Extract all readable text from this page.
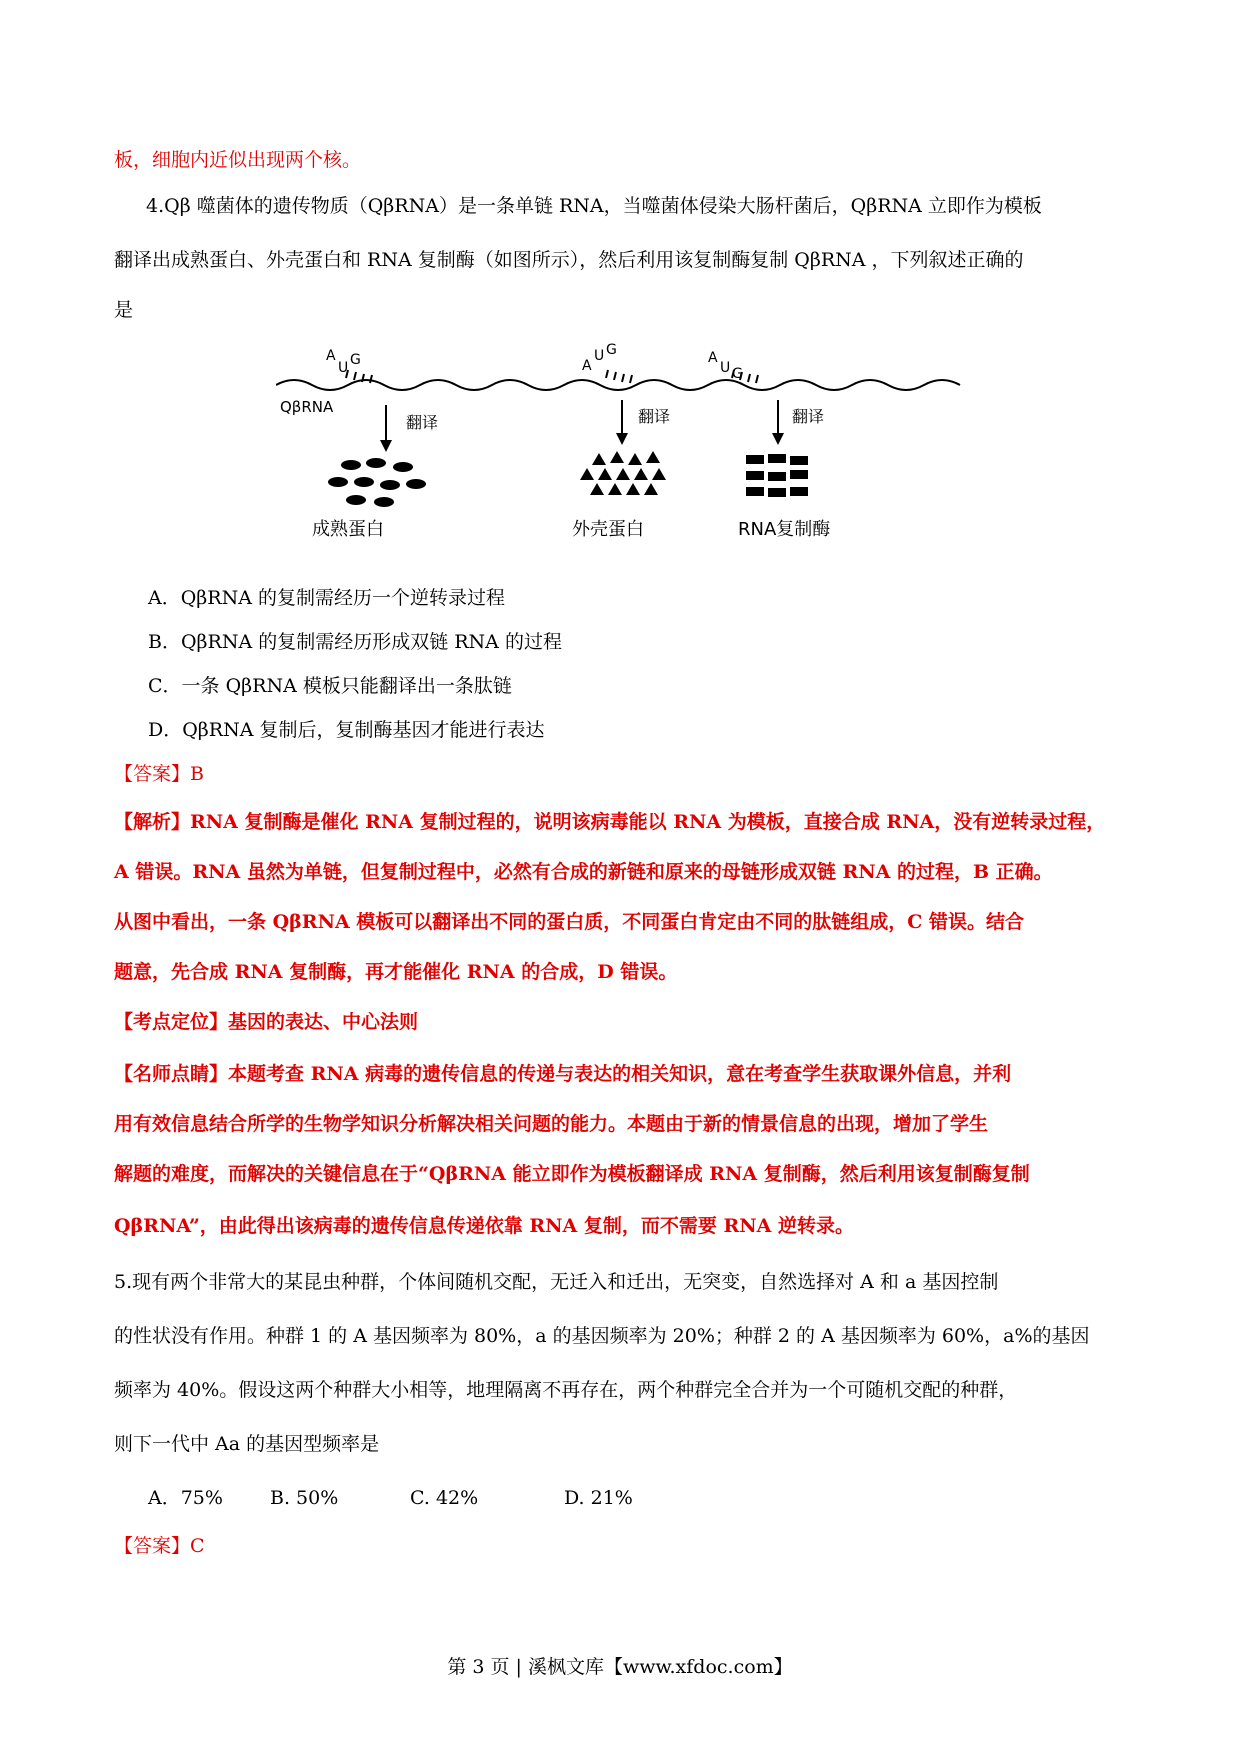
板，细胞内近似出现两个核。
4.Qβ 噬菌体的遗传物质（QβRNA）是一条单链 RNA，当噬菌体侵染大肠杆菌后，QβRNA 立即作为模板
翻译出成熟蛋白、外壳蛋白和 RNA 复制酶（如图所示），然后利用该复制酶复制 QβRNA ，下列叙述正确的
是
A
U G	A
U G	A
U G
QβRNA
翻译	翻译	翻译
成熟蛋白	外壳蛋白	RNA复制酶
A．QβRNA 的复制需经历一个逆转录过程
B．QβRNA 的复制需经历形成双链 RNA 的过程
C．一条 QβRNA 模板只能翻译出一条肽链
D．QβRNA 复制后，复制酶基因才能进行表达
【答案】B
【解析】RNA 复制酶是催化 RNA 复制过程的，说明该病毒能以 RNA 为模板，直接合成 RNA，没有逆转录过程，
A 错误。RNA 虽然为单链，但复制过程中，必然有合成的新链和原来的母链形成双链 RNA 的过程，B 正确。
从图中看出，一条 QβRNA 模板可以翻译出不同的蛋白质，不同蛋白肯定由不同的肽链组成，C 错误。结合
题意，先合成 RNA 复制酶，再才能催化 RNA 的合成，D 错误。
【考点定位】基因的表达、中心法则
【名师点睛】本题考查 RNA 病毒的遗传信息的传递与表达的相关知识，意在考查学生获取课外信息，并利
用有效信息结合所学的生物学知识分析解决相关问题的能力。本题由于新的情景信息的出现，增加了学生
解题的难度，而解决的关键信息在于“QβRNA 能立即作为模板翻译成 RNA 复制酶，然后利用该复制酶复制
QβRNA”，由此得出该病毒的遗传信息传递依靠 RNA 复制，而不需要 RNA 逆转录。
5.现有两个非常大的某昆虫种群，个体间随机交配，无迁入和迁出，无突变，自然选择对 A 和 a 基因控制
的性状没有作用。种群 1 的 A 基因频率为 80%，a 的基因频率为 20%；种群 2 的 A 基因频率为 60%，a%的基因
频率为 40%。假设这两个种群大小相等，地理隔离不再存在，两个种群完全合并为一个可随机交配的种群，
则下一代中 Aa 的基因型频率是
A．75% B. 50%	C. 42%	D. 21%
【答案】C
第 3 页 | 溪枫文库【www.xfdoc.com】
